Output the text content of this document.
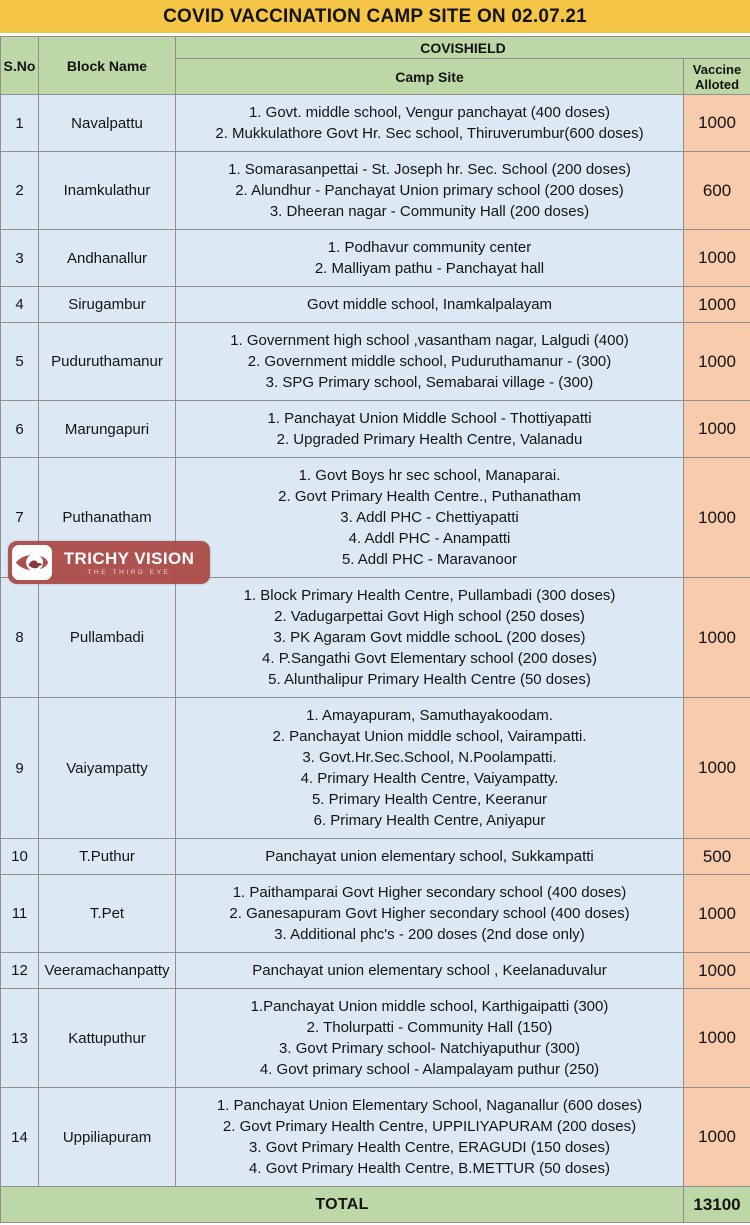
COVID VACCINATION CAMP SITE ON 02.07.21
S.No	Block Name	COVISHIELD	
		Camp Site	Vaccine Alloted
1	Navalpattu	1. Govt. middle school, Vengur panchayat (400 doses)
2. Mukkulathore Govt Hr. Sec school, Thiruverumbur(600 doses)	1000
2	Inamkulathur	1. Somarasanpettai - St. Joseph hr. Sec. School (200 doses)
2. Alundhur - Panchayat Union primary school (200 doses)
3. Dheeran nagar - Community Hall (200 doses)	600
3	Andhanallur	1. Podhavur community center
2. Malliyam pathu - Panchayat hall	1000
4	Sirugambur	Govt middle school, Inamkalpalayam	1000
5	Puduruthamanur	1. Government high school ,vasantham nagar, Lalgudi (400)
2. Government middle school, Puduruthamanur - (300)
3. SPG Primary school, Semabarai village - (300)	1000
6	Marungapuri	1. Panchayat Union Middle School - Thottiyapatti
2. Upgraded Primary Health Centre, Valanadu	1000
7	Puthanatham	1. Govt Boys hr sec school, Manaparai.
2. Govt Primary Health Centre., Puthanatham
3. Addl PHC - Chettiyapatti
4. Addl PHC - Anampatti
5. Addl PHC - Maravanoor	1000
8	Pullambadi	1. Block Primary Health Centre, Pullambadi (300 doses)
2. Vadugarpettai Govt High school (250 doses)
3. PK Agaram Govt middle schooL (200 doses)
4. P.Sangathi Govt Elementary school (200 doses)
5. Alunthalipur Primary Health Centre (50 doses)	1000
9	Vaiyampatty	
1. Amayapuram, Samuthayakoodam.
2. Panchayat Union middle school, Vairampatti.
3. Govt.Hr.Sec.School, N.Poolampatti.
4. Primary Health Centre, Vaiyampatty.
5. Primary Health Centre, Keeranur
6. Primary Health Centre, Aniyapur
	1000
10	T.Puthur	Panchayat union elementary school, Sukkampatti	500
11	T.Pet	1. Paithamparai Govt Higher secondary school (400 doses)
2. Ganesapuram Govt Higher secondary school (400 doses)
3. Additional phc's - 200 doses (2nd dose only)	1000
12	Veeramachanpatty	Panchayat union elementary school , Keelanaduvalur	1000
13	Kattuputhur	1.Panchayat Union middle school, Karthigaipatti (300)
2. Tholurpatti - Community Hall (150)
3. Govt Primary school- Natchiyaputhur (300)
4. Govt primary school - Alampalayam puthur (250)	1000
14	Uppiliapuram	1. Panchayat Union Elementary School, Naganallur (600 doses)
2. Govt Primary Health Centre, UPPILIYAPURAM (200 doses)
3. Govt Primary Health Centre, ERAGUDI (150 doses)
4. Govt Primary Health Centre, B.METTUR (50 doses)	1000
TOTAL			13100
TRICHY VISION
THE THIRD EYE
